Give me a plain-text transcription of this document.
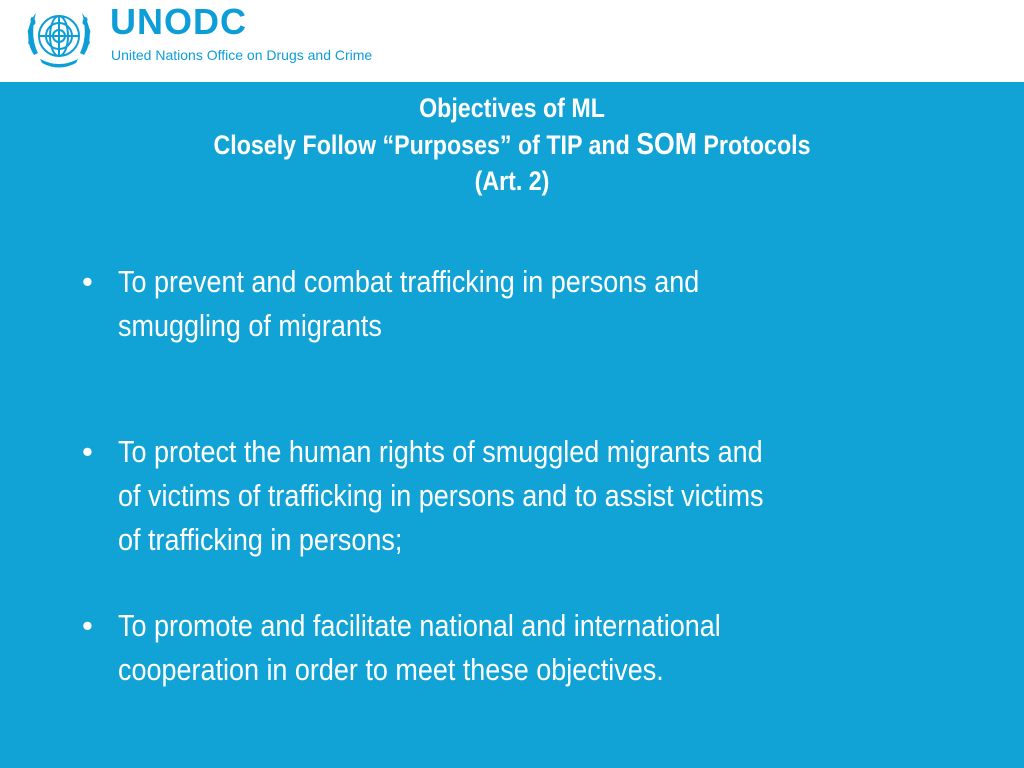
UNODC
United Nations Office on Drugs and Crime
Objectives of ML
Closely Follow “Purposes” of TIP and SOM Protocols
(Art. 2)
• To prevent and combat trafficking in persons and
smuggling of migrants
• To protect the human rights of smuggled migrants and
of victims of trafficking in persons and to assist victims
of trafficking in persons;
• To promote and facilitate national and international
cooperation in order to meet these objectives.
